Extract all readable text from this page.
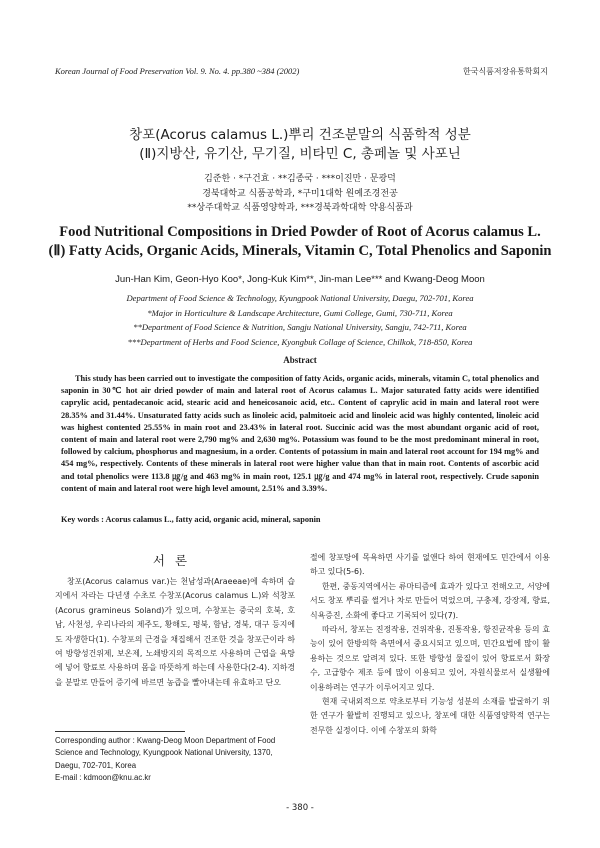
Korean Journal of Food Preservation Vol. 9. No. 4. pp.380 ~384 (2002)	한국식품저장유통학회지
창포(Acorus calamus L.)뿌리 건조분말의 식품학적 성분
(Ⅱ)지방산, 유기산, 무기질, 비타민 C, 총페놀 및 사포닌
김준한 · *구건효 · **김종국 · ***이진만 · 문광덕
경북대학교 식품공학과, *구미1대학 원예조경전공
**상주대학교 식품영양학과, ***경북과학대학 약용식품과
Food Nutritional Compositions in Dried Powder of Root of Acorus calamus L.
(Ⅱ) Fatty Acids, Organic Acids, Minerals, Vitamin C, Total Phenolics and Saponin
Jun-Han Kim, Geon-Hyo Koo*, Jong-Kuk Kim**, Jin-man Lee*** and Kwang-Deog Moon
Department of Food Science & Technology, Kyungpook National University, Daegu, 702-701, Korea
*Major in Horticulture & Landscape Architecture, Gumi College, Gumi, 730-711, Korea
**Department of Food Science & Nutrition, Sangju National University, Sangju, 742-711, Korea
***Department of Herbs and Food Science, Kyongbuk Collage of Science, Chilkok, 718-850, Korea
Abstract

This study has been carried out to investigate the composition of fatty Acids, organic acids, minerals, vitamin C, total phenolics and saponin in 30℃ hot air dried powder of main and lateral root of Acorus calamus L. Major saturated fatty acids were identified caprylic acid, pentadecanoic acid, stearic acid and heneicosanoic acid, etc.. Content of caprylic acid in main and lateral root were 28.35% and 31.44%. Unsaturated fatty acids such as linoleic acid, palmitoeic acid and linoleic acid was highly contented, linoleic acid was highest contented 25.55% in main root and 23.43% in lateral root. Succinic acid was the most abundant organic acid of root, content of main and lateral root were 2,790 mg% and 2,630 mg%. Potassium was found to be the most predominant mineral in root, followed by calcium, phosphorus and magnesium, in a order. Contents of potassium in main and lateral root account for 194 mg% and 454 mg%, respectively. Contents of these minerals in lateral root were higher value than that in main root. Contents of ascorbic acid and total phenolics were 113.8 ㎍/g and 463 mg% in main root, 125.1 ㎍/g and 474 mg% in lateral root, respectively. Crude saponin content of main and lateral root were high level amount, 2.51% and 3.39%.

Key words : Acorus calamus L., fatty acid, organic acid, mineral, saponin
서론

창포(Acorus calamus var.)는 천남성과(Araeeae)에 속하며 습지에서 자라는 다년생 수초로 수창포(Acorus calamus L.)와 석창포(Acorus gramineus Soland)가 있으며, 수창포는 중국의 호북, 호남, 사천성, 우리나라의 제주도, 황해도, 평북, 함남, 경북, 대구 등지에도 자생한다(1). 수창포의 근경을 채집해서 건조한 것을 창포근이라 하여 방향성건위제, 보온제, 노쇄방지의 목적으로 사용하며 근엽을 욕탕에 넣어 향료로 사용하며 몸을 따뜻하게 하는데 사용한다(2-4). 지하경을 분말로 만들어 증기에 바르면 농즙을 빨아내는데 유효하고 단오

Corresponding author : Kwang-Deog Moon Department of Food
Science and Technology, Kyungpook National University, 1370,
Daegu, 702-701, Korea
E-mail : kdmoon@knu.ac.kr

절에 창포탕에 목욕하면 사기를 없앤다 하여 현재에도 민간에서 이용하고 있다(5-6).

한편, 중동지역에서는 류마티즘에 효과가 있다고 전해오고, 서양에서도 창포 뿌리를 썰거나 차로 만들어 먹었으며, 구충제, 강장제, 향료, 식욕증진, 소화에 좋다고 기록되어 있다(7).

따라서, 창포는 진정작용, 건위작용, 진통작용, 항진균작용 등의 효능이 있어 한방의학 측면에서 중요시되고 있으며, 민간요법에 많이 활용하는 것으로 알려져 있다. 또한 방향성 물질이 있어 향료로서 화장수, 고급향수 제조 등에 많이 이용되고 있어, 자원식물로서 실생활에 이용하려는 연구가 이루어지고 있다.

현재 국내외적으로 약초로부터 기능성 성분의 소재를 발굴하기 위한 연구가 활발히 진행되고 있으나, 창포에 대한 식품영양학적 연구는 전무한 실정이다. 이에 수창포의 화학

- 380 -
